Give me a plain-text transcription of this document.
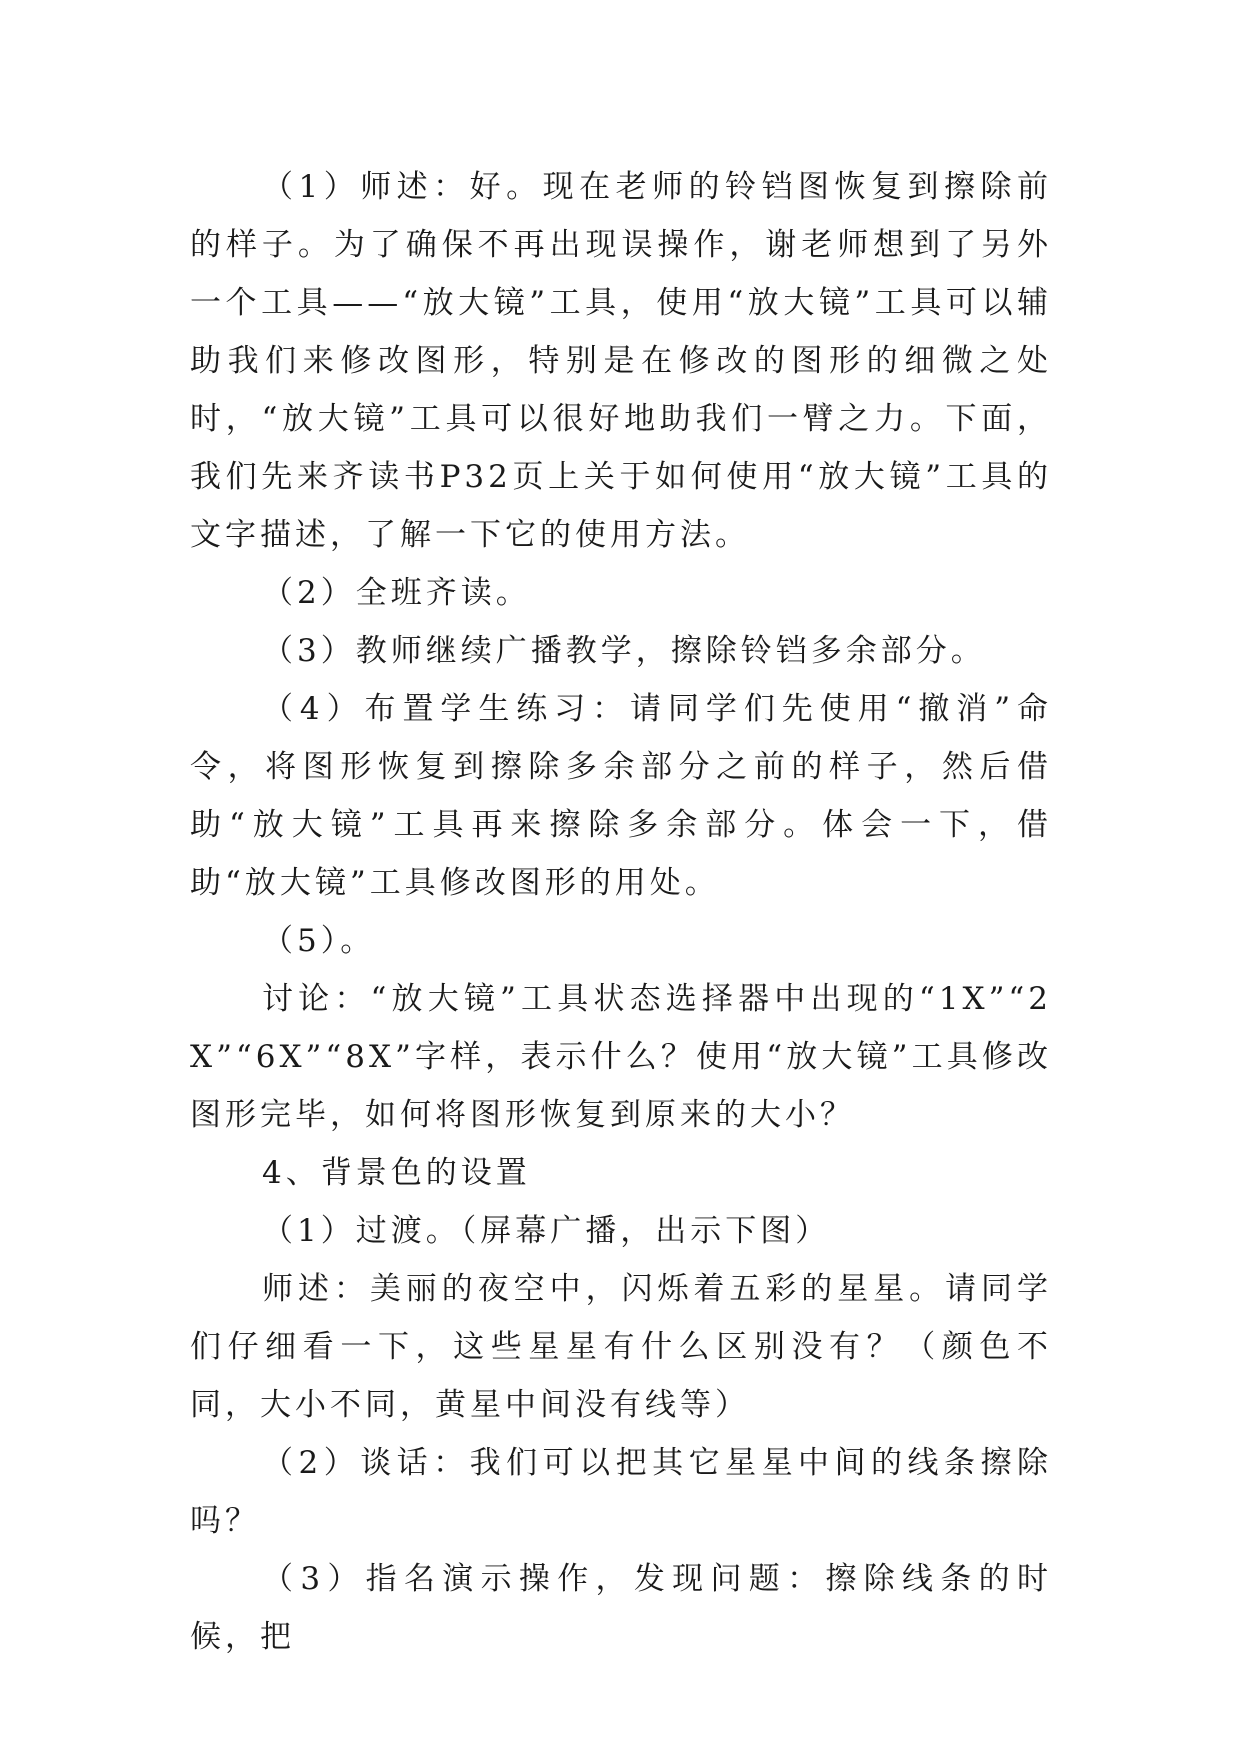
（1）师述：好。现在老师的铃铛图恢复到擦除前的样子。为了确保不再出现误操作，谢老师想到了另外一个工具——“放大镜”工具，使用“放大镜”工具可以辅助我们来修改图形，特别是在修改的图形的细微之处时，“放大镜”工具可以很好地助我们一臂之力。下面，我们先来齐读书P32页上关于如何使用“放大镜”工具的文字描述，了解一下它的使用方法。

（2）全班齐读。

（3）教师继续广播教学，擦除铃铛多余部分。

（4）布置学生练习：请同学们先使用“撤消”命令，将图形恢复到擦除多余部分之前的样子，然后借助“放大镜”工具再来擦除多余部分。体会一下，借助“放大镜”工具修改图形的用处。

（5）。

讨论：“放大镜”工具状态选择器中出现的“1X”“2X”“6X”“8X”字样，表示什么？使用“放大镜”工具修改图形完毕，如何将图形恢复到原来的大小？

4、背景色的设置

（1）过渡。（屏幕广播，出示下图）

师述：美丽的夜空中，闪烁着五彩的星星。请同学们仔细看一下，这些星星有什么区别没有？（颜色不同，大小不同，黄星中间没有线等）

（2）谈话：我们可以把其它星星中间的线条擦除吗？

（3）指名演示操作，发现问题：擦除线条的时候，把
